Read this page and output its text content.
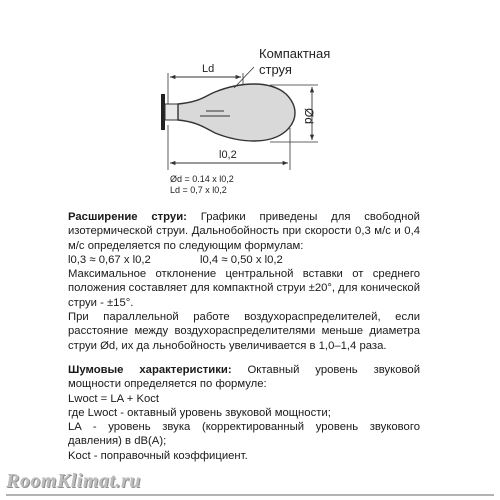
Ød
Компактная
струя
Ld
l0,2
Ød = 0.14 x l0,2
Ld = 0,7 x l0,2

Расширение струи: Графики приведены для свободной изотермической струи. Дальнобойность при скорости 0,3 м/с и 0,4 м/с определяется по следующим формулам:

l0,3 ≈ 0,67 x l0,2	l0,4 ≈ 0,50 x l0,2

Максимальное отклонение центральной вставки от среднего положения составляет для компактной струи ±20°, для конической струи - ±15°.

При параллельной работе воздухораспределителей, если расстояние между воздухораспределителями меньше диаметра струи Ød, их да льнобойность увеличивается в 1,0–1,4 раза.

Шумовые характеристики: Октавный уровень звуковой мощности определяется по формуле:

Lwoct = LA + Koct

где Lwoct - октавный уровень звуковой мощности;

LA - уровень звука (корректированный уровень звукового давления) в dB(A);

Koct - поправочный коэффициент.

RoomKlimat.ru
